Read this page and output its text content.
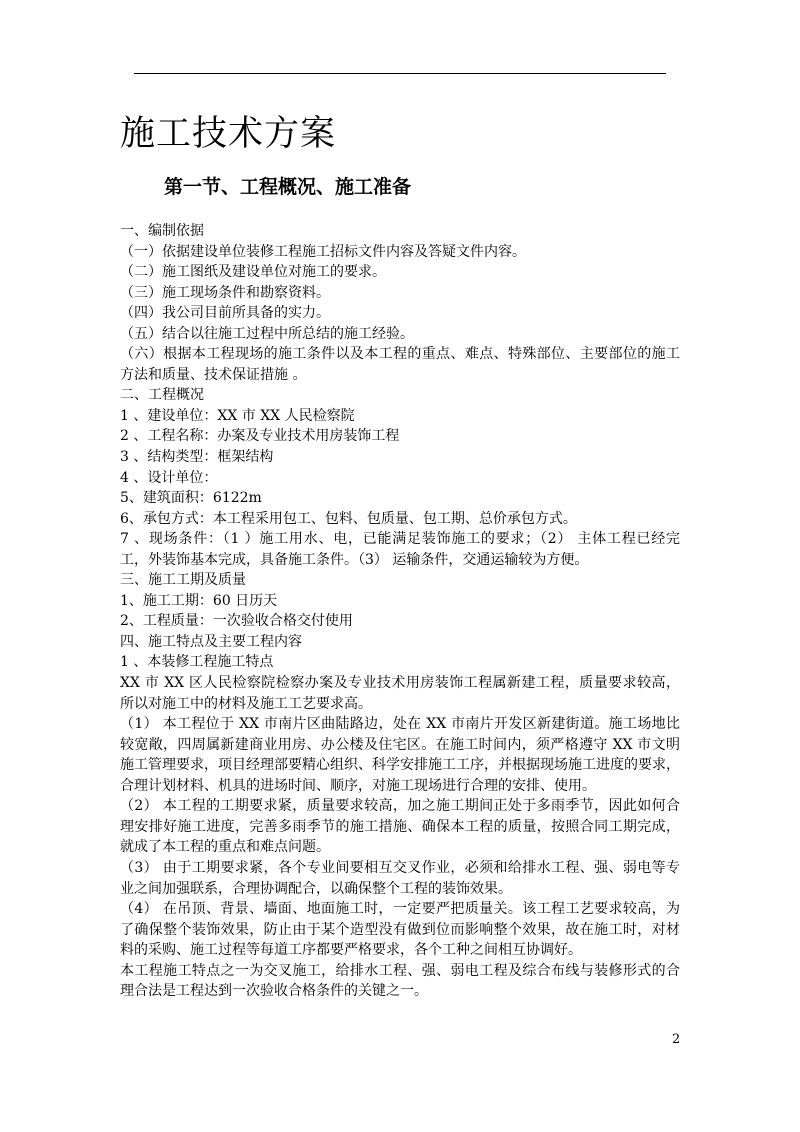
施工技术方案
第一节、工程概况、施工准备
一、编制依据
（一）依据建设单位装修工程施工招标文件内容及答疑文件内容。
（二）施工图纸及建设单位对施工的要求。
（三）施工现场条件和勘察资料。
（四）我公司目前所具备的实力。
（五）结合以往施工过程中所总结的施工经验。
（六）根据本工程现场的施工条件以及本工程的重点、难点、特殊部位、主要部位的施工
方法和质量、技术保证措施 。
二、工程概况
1 、建设单位：XX 市 XX 人民检察院
2 、工程名称：办案及专业技术用房装饰工程
3 、结构类型：框架结构
4 、设计单位：
5、建筑面积：6122m
6、承包方式：本工程采用包工、包料、包质量、包工期、总价承包方式。
7 、现场条件：（1 ）施工用水、电，已能满足装饰施工的要求；（2） 主体工程已经完
工，外装饰基本完成，具备施工条件。（3） 运输条件，交通运输较为方便。
三、施工工期及质量
1、施工工期：60 日历天
2、工程质量：一次验收合格交付使用
四、施工特点及主要工程内容
1 、本装修工程施工特点
XX 市 XX 区人民检察院检察办案及专业技术用房装饰工程属新建工程，质量要求较高，
所以对施工中的材料及施工工艺要求高。
（1） 本工程位于 XX 市南片区曲陆路边，处在 XX 市南片开发区新建街道。施工场地比
较宽敞，四周属新建商业用房、办公楼及住宅区。在施工时间内，须严格遵守 XX 市文明
施工管理要求，项目经理部要精心组织、科学安排施工工序，并根据现场施工进度的要求，
合理计划材料、机具的进场时间、顺序，对施工现场进行合理的安排、使用。
（2） 本工程的工期要求紧，质量要求较高，加之施工期间正处于多雨季节，因此如何合
理安排好施工进度，完善多雨季节的施工措施、确保本工程的质量，按照合同工期完成，
就成了本工程的重点和难点问题。
（3） 由于工期要求紧，各个专业间要相互交叉作业，必须和给排水工程、强、弱电等专
业之间加强联系，合理协调配合，以确保整个工程的装饰效果。
（4） 在吊顶、背景、墙面、地面施工时，一定要严把质量关。该工程工艺要求较高，为
了确保整个装饰效果，防止由于某个造型没有做到位而影响整个效果，故在施工时，对材
料的采购、施工过程等每道工序都要严格要求，各个工种之间相互协调好。
本工程施工特点之一为交叉施工，给排水工程、强、弱电工程及综合布线与装修形式的合
理合法是工程达到一次验收合格条件的关键之一。
2
